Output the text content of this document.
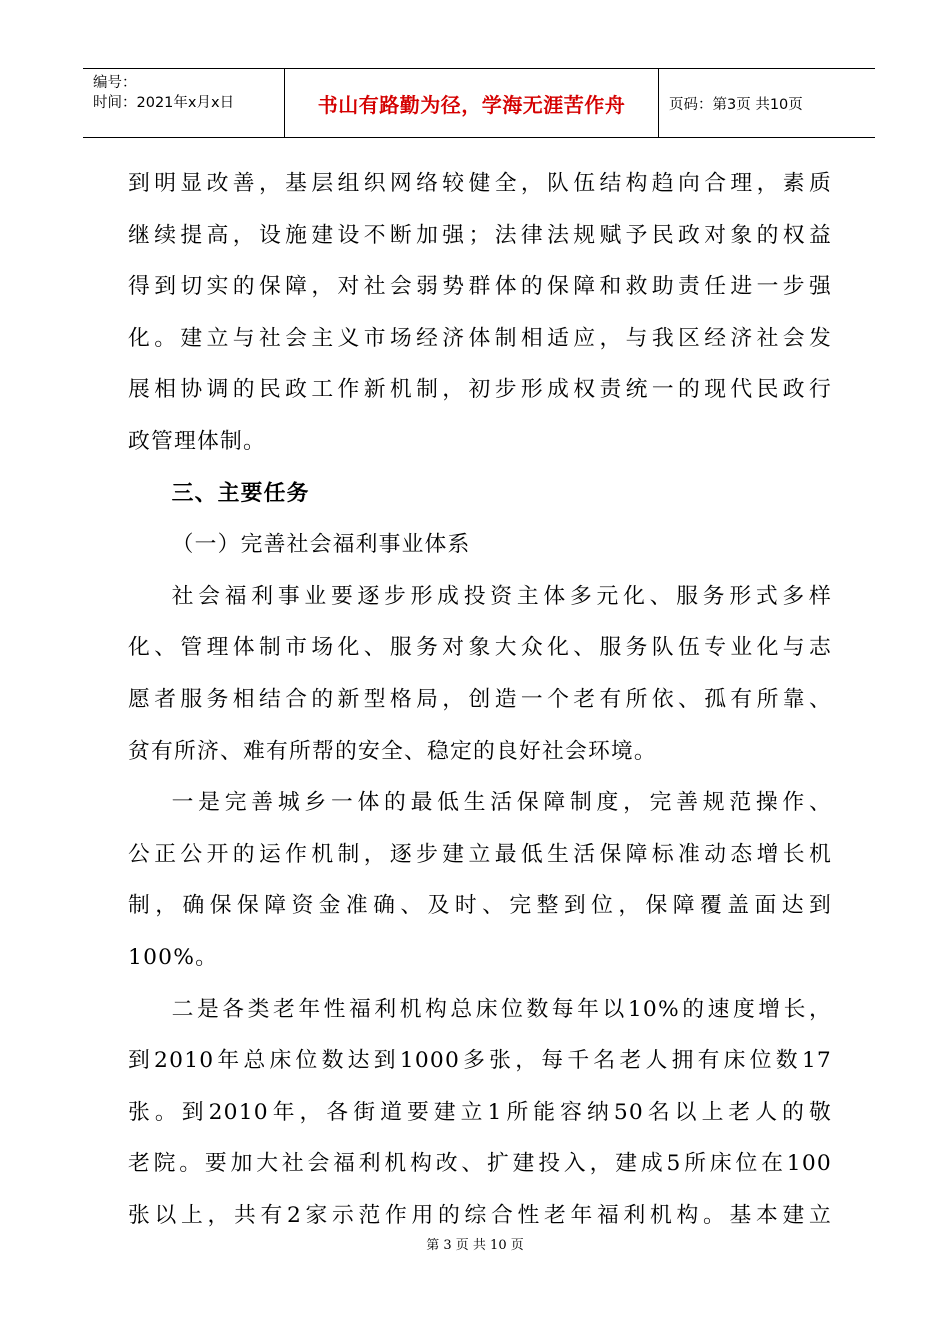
编号：
时间：2021年x月x日	书山有路勤为径，学海无涯苦作舟	页码：第3页 共10页

到明显改善，基层组织网络较健全，队伍结构趋向合理，素质

继续提高，设施建设不断加强；法律法规赋予民政对象的权益

得到切实的保障，对社会弱势群体的保障和救助责任进一步强

化。建立与社会主义市场经济体制相适应，与我区经济社会发

展相协调的民政工作新机制，初步形成权责统一的现代民政行

政管理体制。

三、主要任务

（一）完善社会福利事业体系

社会福利事业要逐步形成投资主体多元化、服务形式多样

化、管理体制市场化、服务对象大众化、服务队伍专业化与志

愿者服务相结合的新型格局，创造一个老有所依、孤有所靠、

贫有所济、难有所帮的安全、稳定的良好社会环境。

一是完善城乡一体的最低生活保障制度，完善规范操作、

公正公开的运作机制，逐步建立最低生活保障标准动态增长机

制，确保保障资金准确、及时、完整到位，保障覆盖面达到

100%。

二是各类老年性福利机构总床位数每年以10%的速度增长，

到2010年总床位数达到1000多张，每千名老人拥有床位数17

张。到2010年，各街道要建立1所能容纳50名以上老人的敬

老院。要加大社会福利机构改、扩建投入，建成5所床位在100

张以上，共有2家示范作用的综合性老年福利机构。基本建立

第 3 页 共 10 页
